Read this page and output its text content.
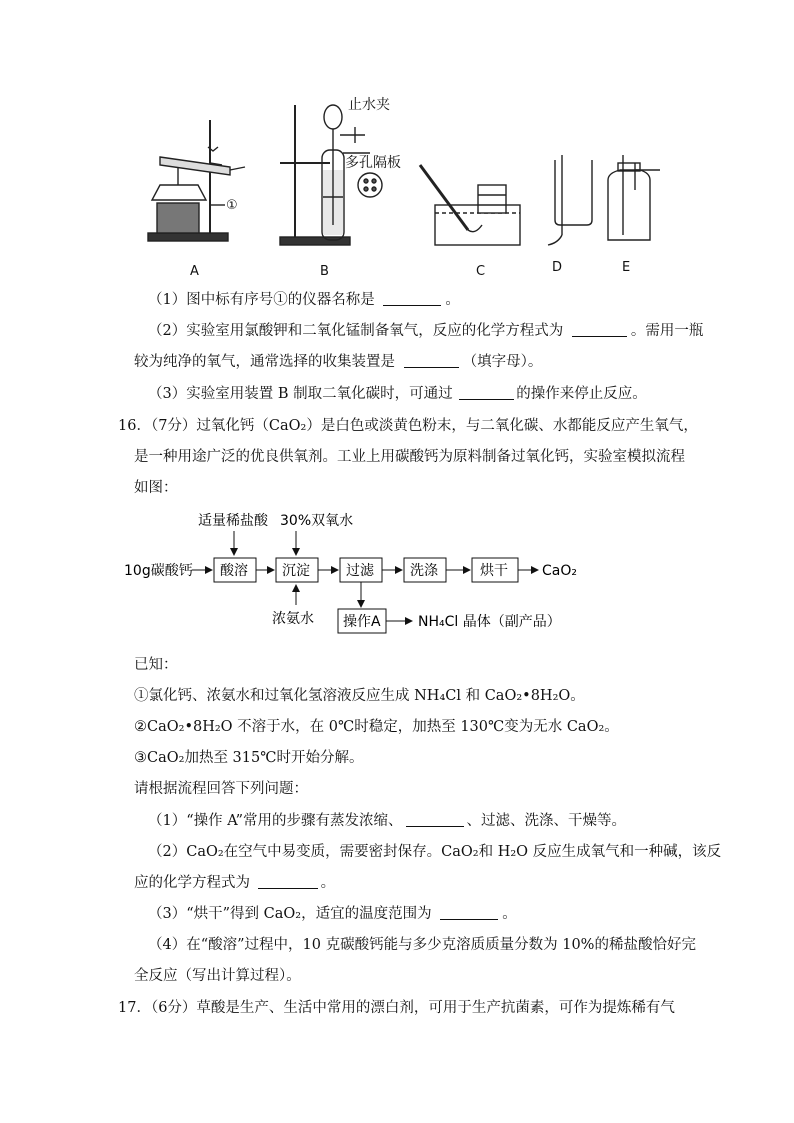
①
A
止水夹
多孔隔板
B	C	D	E
（1）图中标有序号①的仪器名称是	。
（2）实验室用氯酸钾和二氧化锰制备氧气，反应的化学方程式为	。需用一瓶
较为纯净的氧气，通常选择的收集装置是	（填字母）。
（3）实验室用装置 B 制取二氧化碳时，可通过	的操作来停止反应。
16．（7分）过氧化钙（CaO₂）是白色或淡黄色粉末，与二氧化碳、水都能反应产生氧气，
是一种用途广泛的优良供氧剂。工业上用碳酸钙为原料制备过氧化钙，实验室模拟流程
如图：
适量稀盐酸 30%双氧水
10g碳酸钙 酸溶 沉淀	过滤	洗涤	烘干 CaO₂
浓氨水 操作A	NH₄Cl 晶体（副产品）
已知：
①氯化钙、浓氨水和过氧化氢溶液反应生成 NH₄Cl 和 CaO₂•8H₂O。
②CaO₂•8H₂O 不溶于水，在 0℃时稳定，加热至 130℃变为无水 CaO₂。
③CaO₂加热至 315℃时开始分解。
请根据流程回答下列问题：
（1）“操作 A”常用的步骤有蒸发浓缩、	、过滤、洗涤、干燥等。
（2）CaO₂在空气中易变质，需要密封保存。CaO₂和 H₂O 反应生成氧气和一种碱，该反
应的化学方程式为	。
（3）“烘干”得到 CaO₂，适宜的温度范围为	。
（4）在“酸溶”过程中，10 克碳酸钙能与多少克溶质质量分数为 10%的稀盐酸恰好完
全反应（写出计算过程）。
17．（6分）草酸是生产、生活中常用的漂白剂，可用于生产抗菌素，可作为提炼稀有气
